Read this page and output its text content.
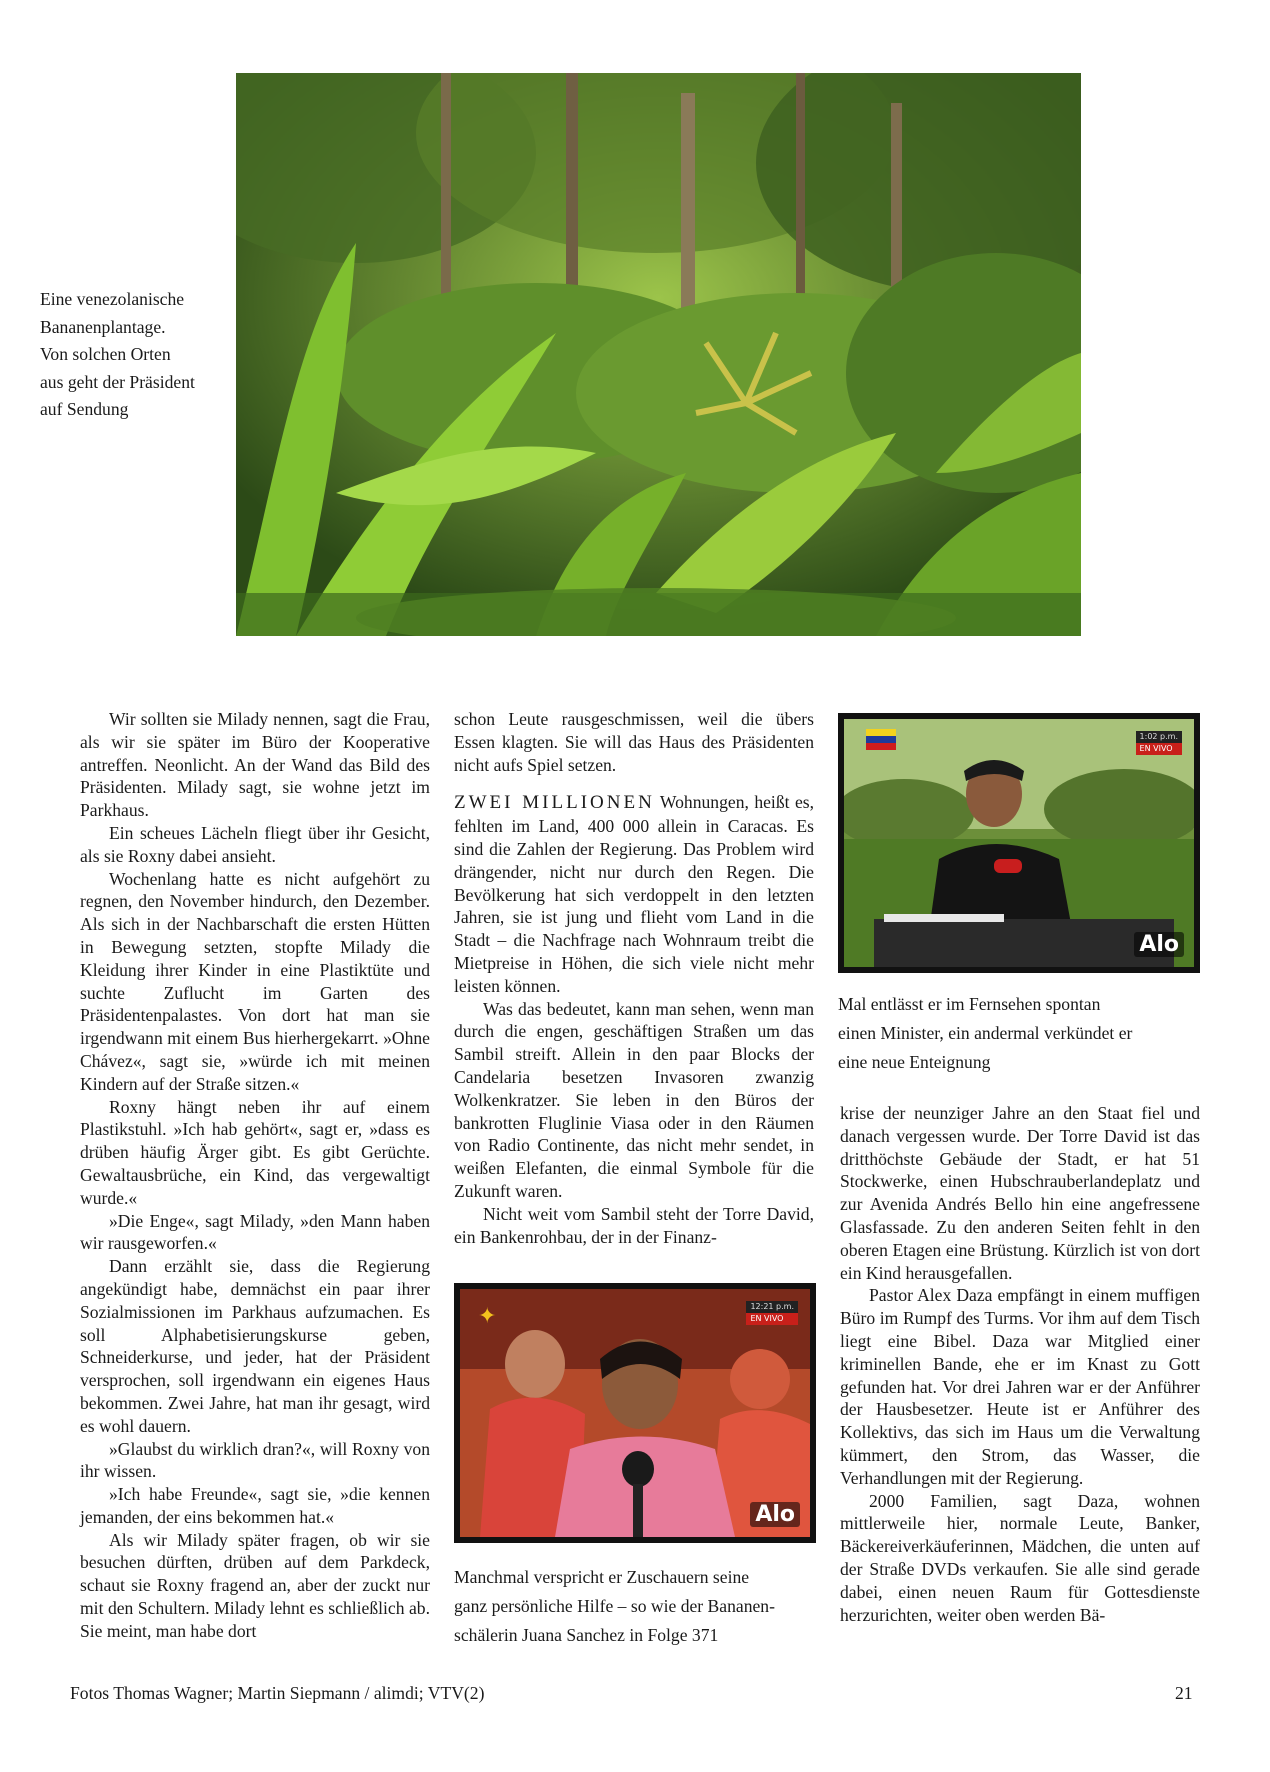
Eine venezolanische
Bananenplantage.
Von solchen Orten
aus geht der Präsident
auf Sendung

Wir sollten sie Milady nennen, sagt die Frau, als wir sie später im Büro der Kooperative antreffen. Neonlicht. An der Wand das Bild des Präsidenten. Milady sagt, sie wohne jetzt im Parkhaus.

Ein scheues Lächeln fliegt über ihr Gesicht, als sie Roxny dabei ansieht.

Wochenlang hatte es nicht aufgehört zu regnen, den November hindurch, den Dezember. Als sich in der Nachbarschaft die ersten Hütten in Bewegung setzten, stopfte Milady die Kleidung ihrer Kinder in eine Plastiktüte und suchte Zuflucht im Garten des Präsidentenpalastes. Von dort hat man sie irgendwann mit einem Bus hierhergekarrt. »Ohne Chávez«, sagt sie, »würde ich mit meinen Kindern auf der Straße sitzen.«

Roxny hängt neben ihr auf einem Plastikstuhl. »Ich hab gehört«, sagt er, »dass es drüben häufig Ärger gibt. Es gibt Gerüchte. Gewaltausbrüche, ein Kind, das vergewaltigt wurde.«

»Die Enge«, sagt Milady, »den Mann haben wir rausgeworfen.«

Dann erzählt sie, dass die Regierung angekündigt habe, demnächst ein paar ihrer Sozialmissionen im Parkhaus aufzumachen. Es soll Alphabetisierungskurse geben, Schneiderkurse, und jeder, hat der Präsident versprochen, soll irgendwann ein eigenes Haus bekommen. Zwei Jahre, hat man ihr gesagt, wird es wohl dauern.

»Glaubst du wirklich dran?«, will Roxny von ihr wissen.

»Ich habe Freunde«, sagt sie, »die kennen jemanden, der eins bekommen hat.«

Als wir Milady später fragen, ob wir sie besuchen dürften, drüben auf dem Parkdeck, schaut sie Roxny fragend an, aber der zuckt nur mit den Schultern. Milady lehnt es schließlich ab. Sie meint, man habe dort

schon Leute rausgeschmissen, weil die übers Essen klagten. Sie will das Haus des Präsidenten nicht aufs Spiel setzen.

ZWEI MILLIONEN Wohnungen, heißt es, fehlten im Land, 400 000 allein in Caracas. Es sind die Zahlen der Regierung. Das Problem wird drängender, nicht nur durch den Regen. Die Bevölkerung hat sich verdoppelt in den letzten Jahren, sie ist jung und flieht vom Land in die Stadt – die Nachfrage nach Wohnraum treibt die Mietpreise in Höhen, die sich viele nicht mehr leisten können.

Was das bedeutet, kann man sehen, wenn man durch die engen, geschäftigen Straßen um das Sambil streift. Allein in den paar Blocks der Candelaria besetzen Invasoren zwanzig Wolkenkratzer. Sie leben in den Büros der bankrotten Fluglinie Viasa oder in den Räumen von Radio Continente, das nicht mehr sendet, in weißen Elefanten, die einmal Symbole für die Zukunft waren.

Nicht weit vom Sambil steht der Torre David, ein Bankenrohbau, der in der Finanz-

1:02 p.m.
EN VIVO
Alo
Mal entlässt er im Fernsehen spontan
einen Minister, ein andermal verkündet er
eine neue Enteignung
✦	12:21 p.m.
EN VIVO
Alo
Manchmal verspricht er Zuschauern seine
ganz persönliche Hilfe – so wie der Bananen-
schälerin Juana Sanchez in Folge 371

krise der neunziger Jahre an den Staat fiel und danach vergessen wurde. Der Torre David ist das dritthöchste Gebäude der Stadt, er hat 51 Stockwerke, einen Hubschrauberlandeplatz und zur Avenida Andrés Bello hin eine angefressene Glasfassade. Zu den anderen Seiten fehlt in den oberen Etagen eine Brüstung. Kürzlich ist von dort ein Kind herausgefallen.

Pastor Alex Daza empfängt in einem muffigen Büro im Rumpf des Turms. Vor ihm auf dem Tisch liegt eine Bibel. Daza war Mitglied einer kriminellen Bande, ehe er im Knast zu Gott gefunden hat. Vor drei Jahren war er der Anführer der Hausbesetzer. Heute ist er Anführer des Kollektivs, das sich im Haus um die Verwaltung kümmert, den Strom, das Wasser, die Verhandlungen mit der Regierung.

2000 Familien, sagt Daza, wohnen mittlerweile hier, normale Leute, Banker, Bäckereiverkäuferinnen, Mädchen, die unten auf der Straße DVDs verkaufen. Sie alle sind gerade dabei, einen neuen Raum für Gottesdienste herzurichten, weiter oben werden Bä-

Fotos Thomas Wagner; Martin Siepmann / alimdi; VTV(2)	21
